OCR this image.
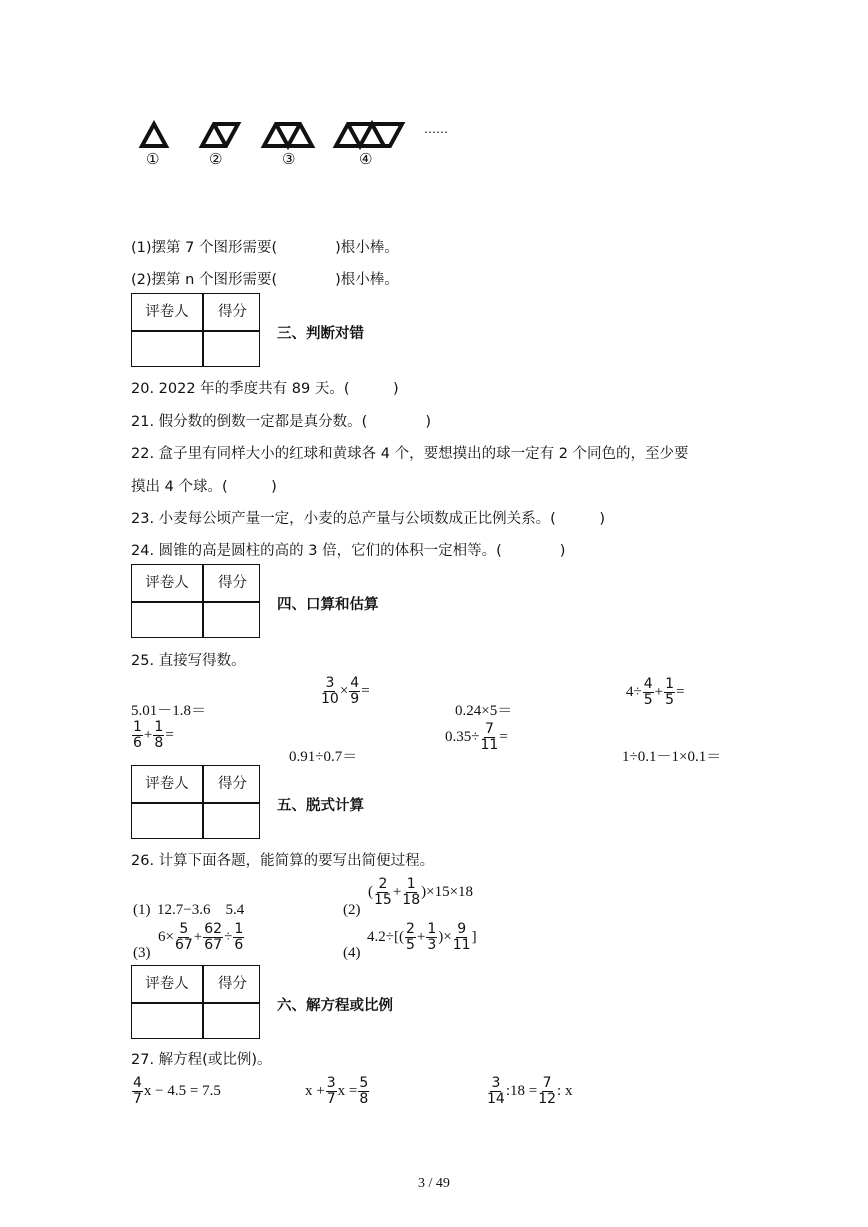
①	②	③	④
……
(1)摆第 7 个图形需要(　　　　)根小棒。
(2)摆第 n 个图形需要(　　　　)根小棒。
评卷人	得分
三、判断对错
20. 2022 年的季度共有 89 天。(　　　)
21. 假分数的倒数一定都是真分数。(　　　　)
22. 盒子里有同样大小的红球和黄球各 4 个，要想摸出的球一定有 2 个同色的，至少要
摸出 4 个球。(　　　)
23. 小麦每公顷产量一定，小麦的总产量与公顷数成正比例关系。(　　　)
24. 圆锥的高是圆柱的高的 3 倍，它们的体积一定相等。(　　　　)
评卷人	得分
四、口算和估算
25. 直接写得数。
5.01－1.8＝
$\frac{3}{10} \times \frac{4}{9}$ =
0.24×5＝
$4\div \frac{4}{5} + \frac{1}{5}$ =
$\frac{1}{6} + \frac{1}{8}$ =
0.91÷0.7＝
$0.35\div \frac{7}{11}$ =
1÷0.1－1×0.1＝
评卷人	得分
五、脱式计算
26. 计算下面各题，能简算的要写出简便过程。
(1) 12.7−3.6　5.4	(2)
( $\frac{2}{15} + \frac{1}{18} )\times 15\times 18$
(3)
$6\times \frac{5}{67} + \frac{62}{67} \div \frac{1}{6}$
(4)
$4.2\div[( \frac{2}{5} + \frac{1}{3}$ )× $\frac{9}{11}$ ]
评卷人	得分
六、解方程或比例
27. 解方程(或比例)。
$\frac{4}{7}$ x − 4.5 = 7.5	$x + \frac{3}{7}$ $x = \frac{5}{8}$	$\frac{3}{14}$ :18 = $\frac{7}{12}$ : x
3 / 49
